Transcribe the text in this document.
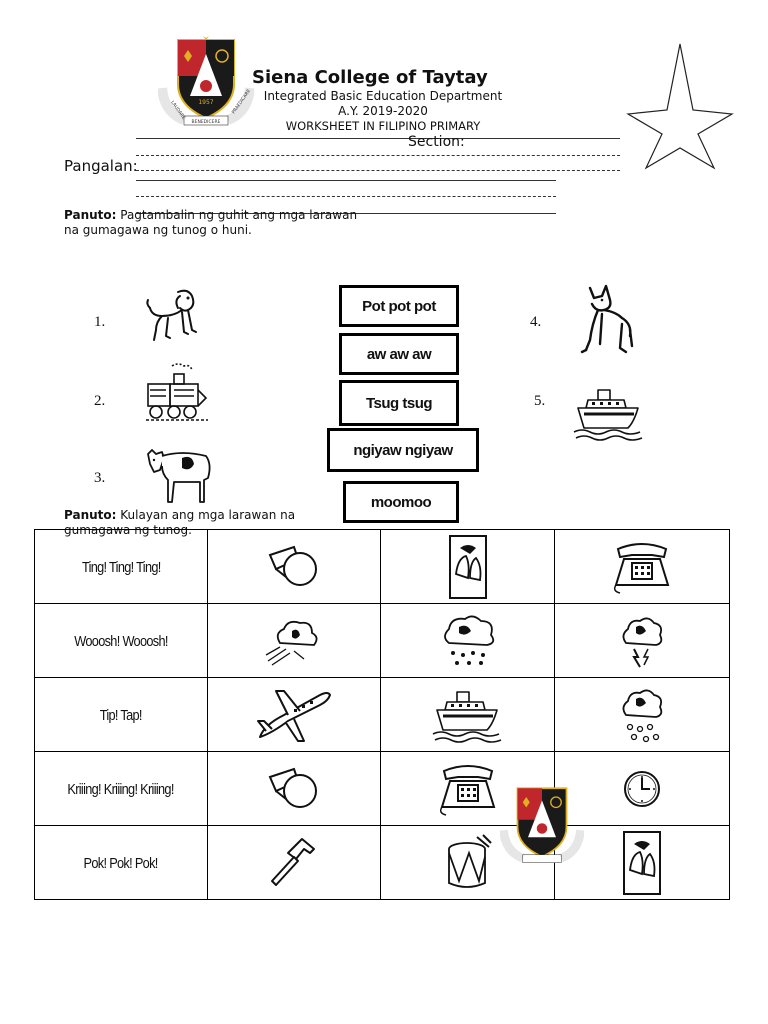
1957
LAUDARE
BENEDICERE
PRAEDICARE
Siena College of Taytay
Integrated Basic Education Department
A.Y. 2019-2020
WORKSHEET IN FILIPINO PRIMARY
Section:
Pangalan:
Panuto: Pagtambalin ng guhit ang mga larawan na gumagawa ng tunog o huni.
1.
2.
3.
4.
5.
Pot pot pot
aw aw aw
Tsug tsug
ngiyaw ngiyaw
moomoo
Panuto: Kulayan ang mga larawan na gumagawa ng tunog.
Ting! Ting! Ting!	

Wooosh! Wooosh!	

Tip! Tap!	

Kriiing! Kriiing! Kriiing!	

Pok! Pok! Pok!	
